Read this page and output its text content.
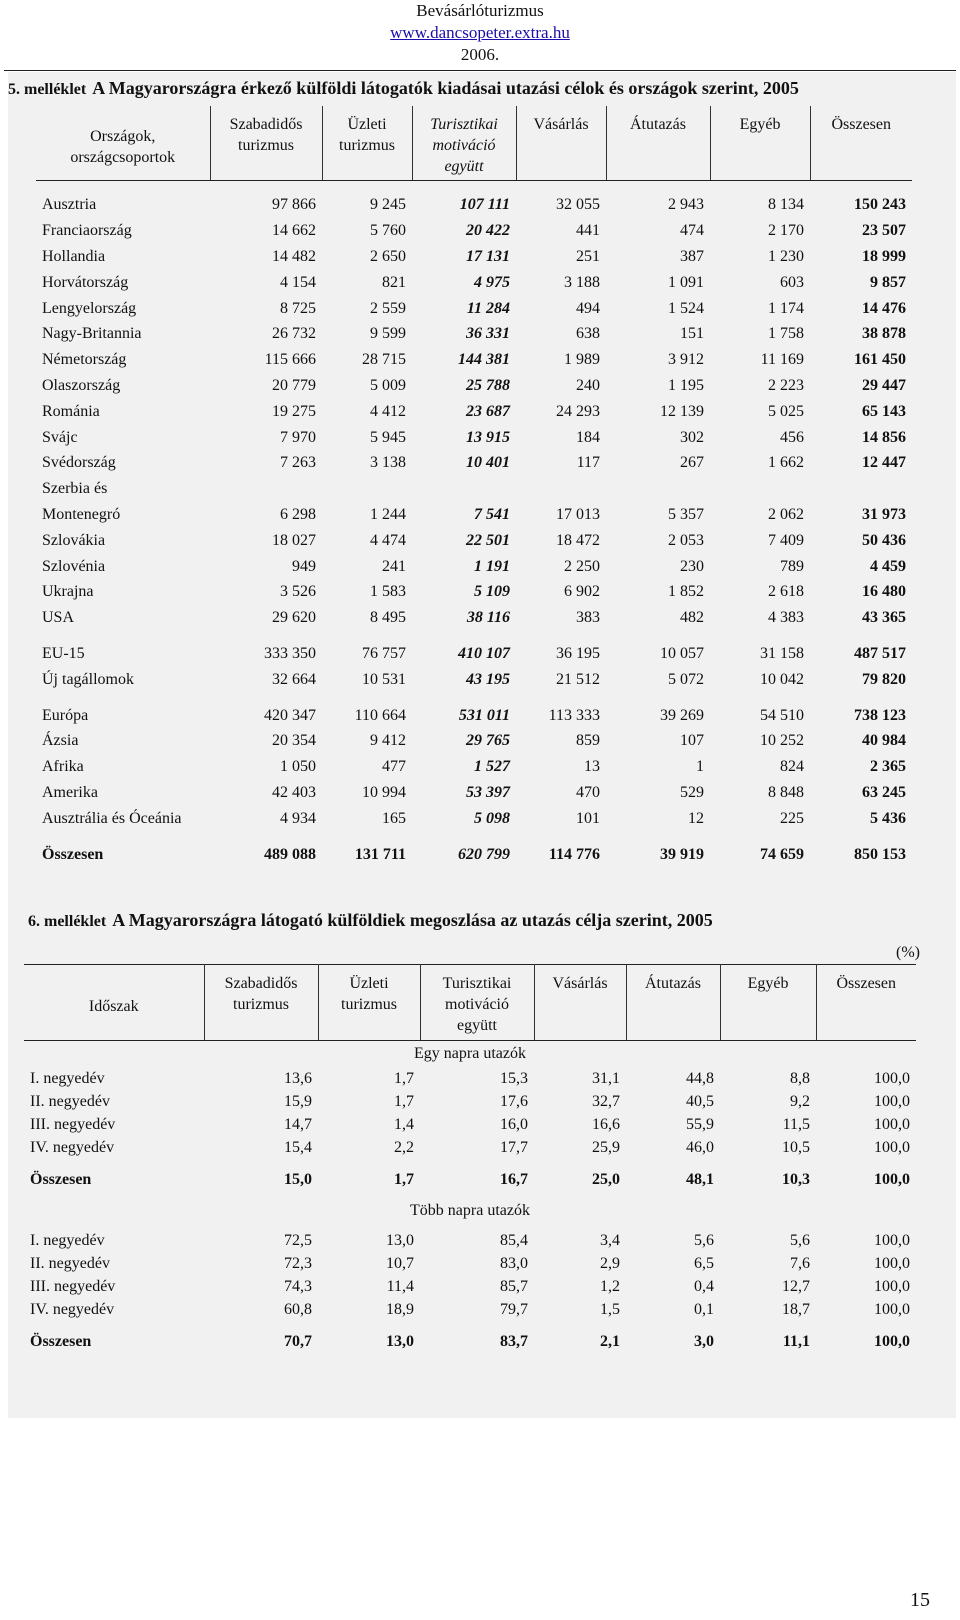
Bevásárlóturizmus
www.dancsopeter.extra.hu
2006.
5. melléklet A Magyarországra érkező külföldi látogatók kiadásai utazási célok és országok szerint, 2005
Országok, országcsoportok	Szabadidős turizmus	Üzleti turizmus	Turisztikai motiváció együtt	Vásárlás	Átutazás	Egyéb	Összesen

Ausztria	97 866	9 245	107 111	32 055	2 943	8 134	150 243
Franciaország	14 662	5 760	20 422	441	474	2 170	23 507
Hollandia	14 482	2 650	17 131	251	387	1 230	18 999
Horvátország	4 154	821	4 975	3 188	1 091	603	9 857
Lengyelország	8 725	2 559	11 284	494	1 524	1 174	14 476
Nagy-Britannia	26 732	9 599	36 331	638	151	1 758	38 878
Németország	115 666	28 715	144 381	1 989	3 912	11 169	161 450
Olaszország	20 779	5 009	25 788	240	1 195	2 223	29 447
Románia	19 275	4 412	23 687	24 293	12 139	5 025	65 143
Svájc	7 970	5 945	13 915	184	302	456	14 856
Svédország	7 263	3 138	10 401	117	267	1 662	12 447
Szerbia és							
Montenegró	6 298	1 244	7 541	17 013	5 357	2 062	31 973
Szlovákia	18 027	4 474	22 501	18 472	2 053	7 409	50 436
Szlovénia	949	241	1 191	2 250	230	789	4 459
Ukrajna	3 526	1 583	5 109	6 902	1 852	2 618	16 480
USA	29 620	8 495	38 116	383	482	4 383	43 365

EU-15	333 350	76 757	410 107	36 195	10 057	31 158	487 517
Új tagállomok	32 664	10 531	43 195	21 512	5 072	10 042	79 820

Európa	420 347	110 664	531 011	113 333	39 269	54 510	738 123
Ázsia	20 354	9 412	29 765	859	107	10 252	40 984
Afrika	1 050	477	1 527	13	1	824	2 365
Amerika	42 403	10 994	53 397	470	529	8 848	63 245
Ausztrália és Óceánia	4 934	165	5 098	101	12	225	5 436

Összesen	489 088	131 711	620 799	114 776	39 919	74 659	850 153
6. melléklet A Magyarországra látogató külföldiek megoszlása az utazás célja szerint, 2005
(%)
Időszak	Szabadidős turizmus	Üzleti turizmus	Turisztikai motiváció együtt	Vásárlás	Átutazás	Egyéb	Összesen
Egy napra utazók							
I. negyedév	13,6	1,7	15,3	31,1	44,8	8,8	100,0
II. negyedév	15,9	1,7	17,6	32,7	40,5	9,2	100,0
III. negyedév	14,7	1,4	16,0	16,6	55,9	11,5	100,0
IV. negyedév	15,4	2,2	17,7	25,9	46,0	10,5	100,0

Összesen	15,0	1,7	16,7	25,0	48,1	10,3	100,0
Több napra utazók							
I. negyedév	72,5	13,0	85,4	3,4	5,6	5,6	100,0
II. negyedév	72,3	10,7	83,0	2,9	6,5	7,6	100,0
III. negyedév	74,3	11,4	85,7	1,2	0,4	12,7	100,0
IV. negyedév	60,8	18,9	79,7	1,5	0,1	18,7	100,0

Összesen	70,7	13,0	83,7	2,1	3,0	11,1	100,0
15
